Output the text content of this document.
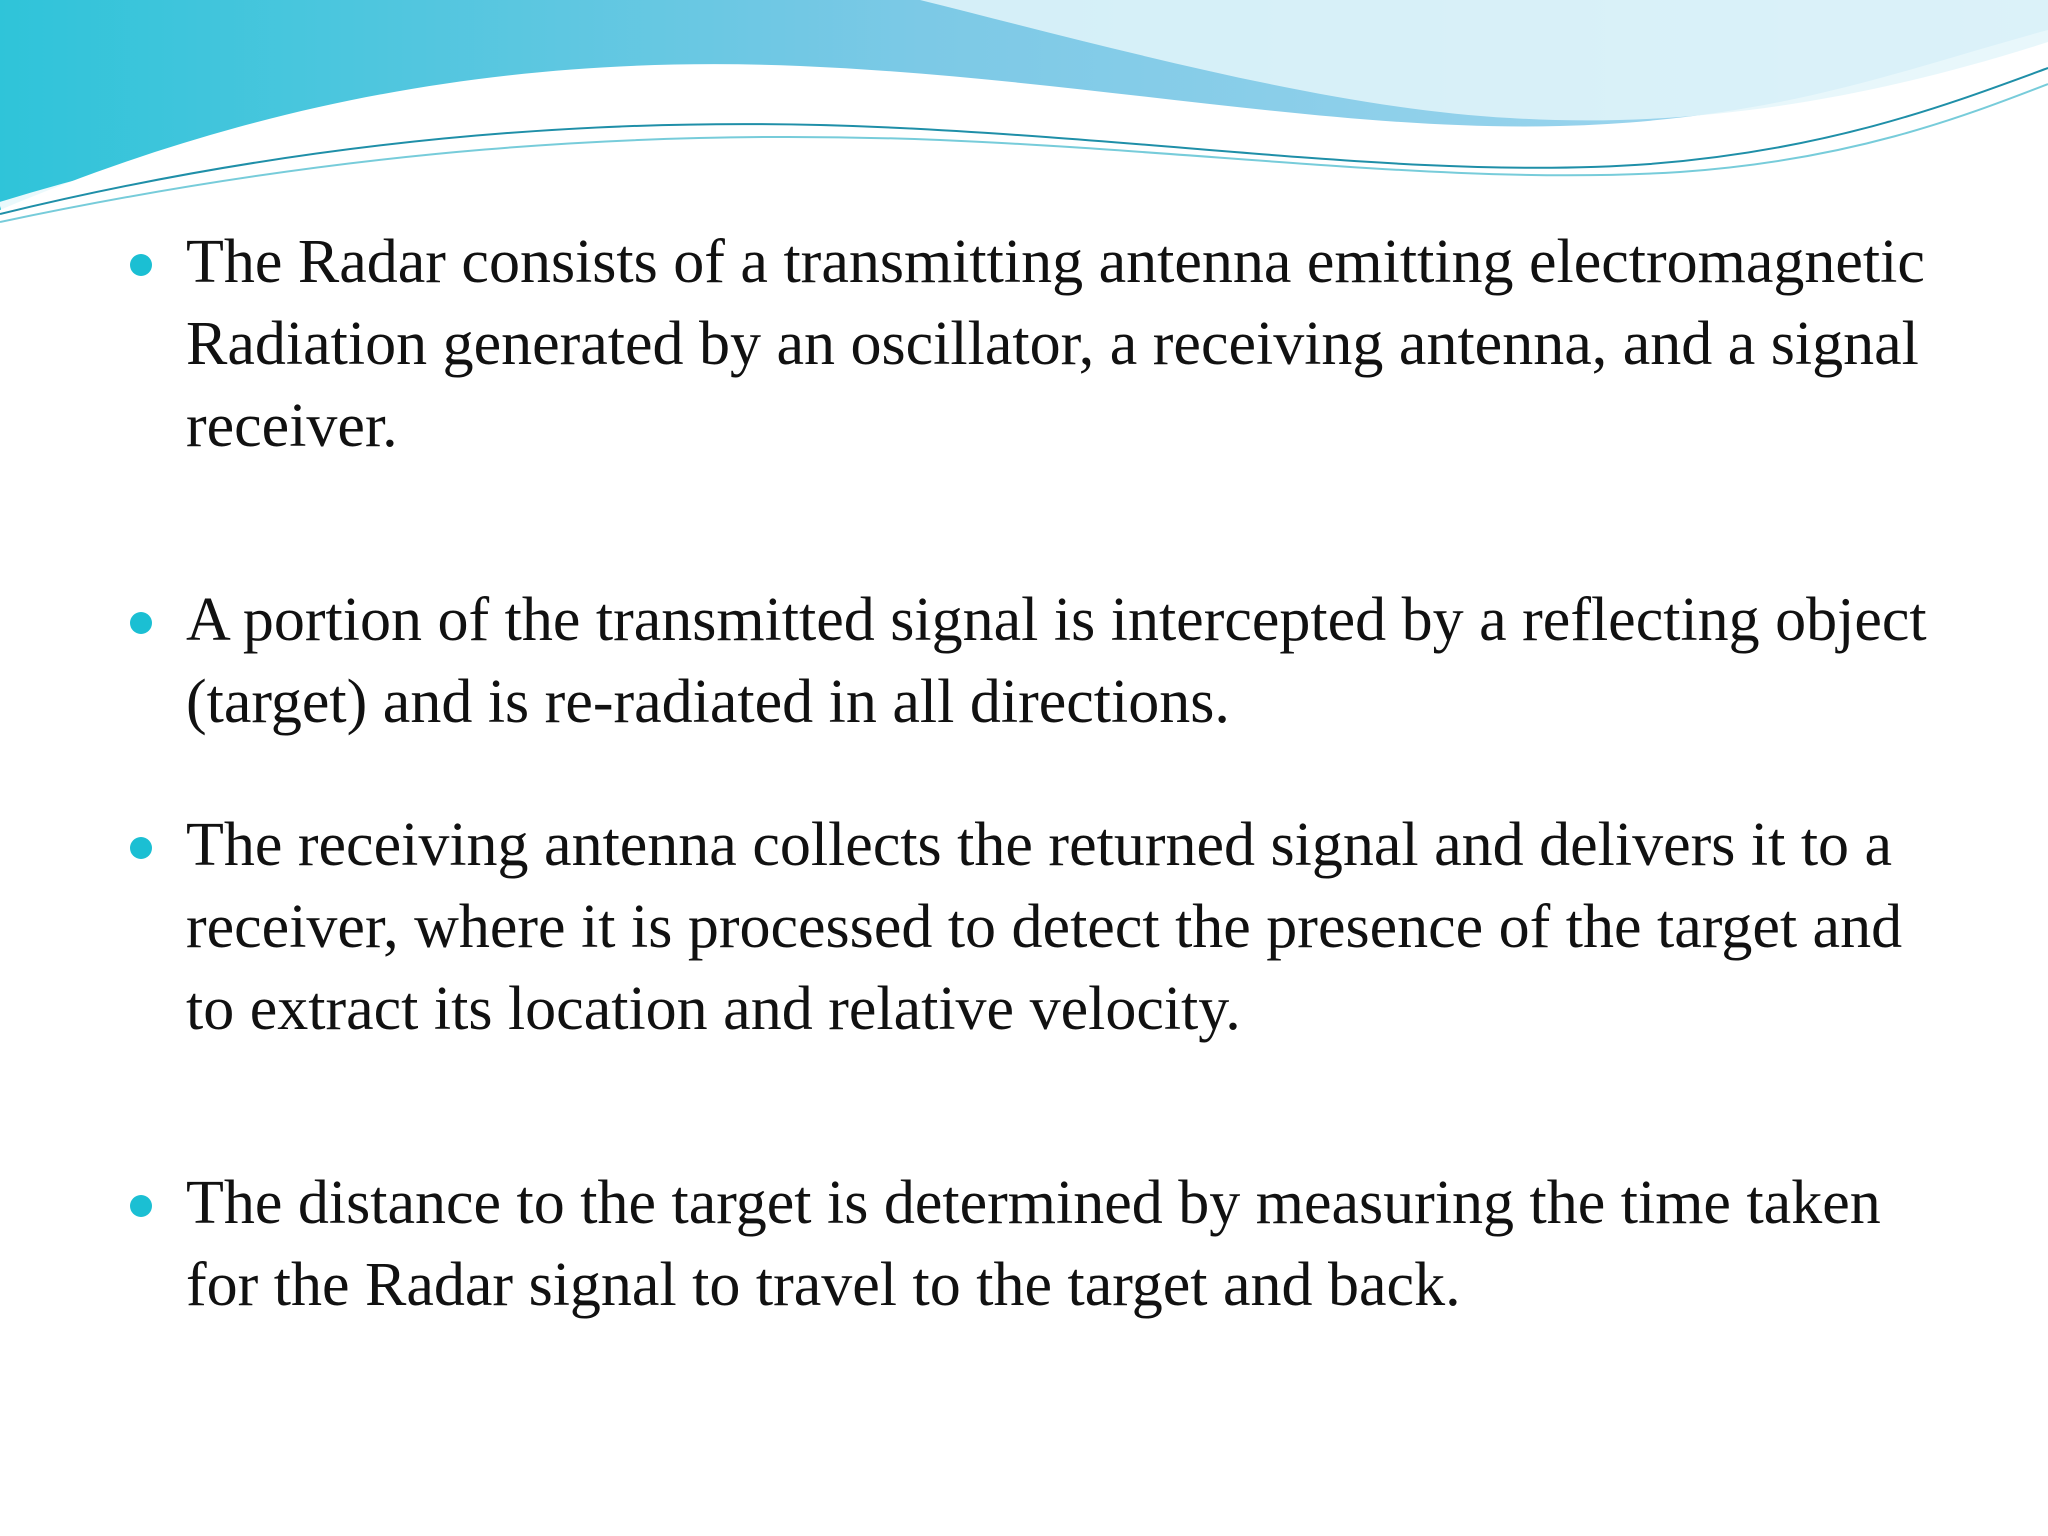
The Radar consists of a transmitting antenna emitting electromagnetic Radiation generated by an oscillator, a receiving antenna, and a signal receiver.
A portion of the transmitted signal is intercepted by a reflecting object (target) and is re-radiated in all directions.
The receiving antenna collects the returned signal and delivers it to a receiver, where it is processed to detect the presence of the target and to extract its location and relative velocity.
The distance to the target is determined by measuring the time taken for the Radar signal to travel to the target and back.
